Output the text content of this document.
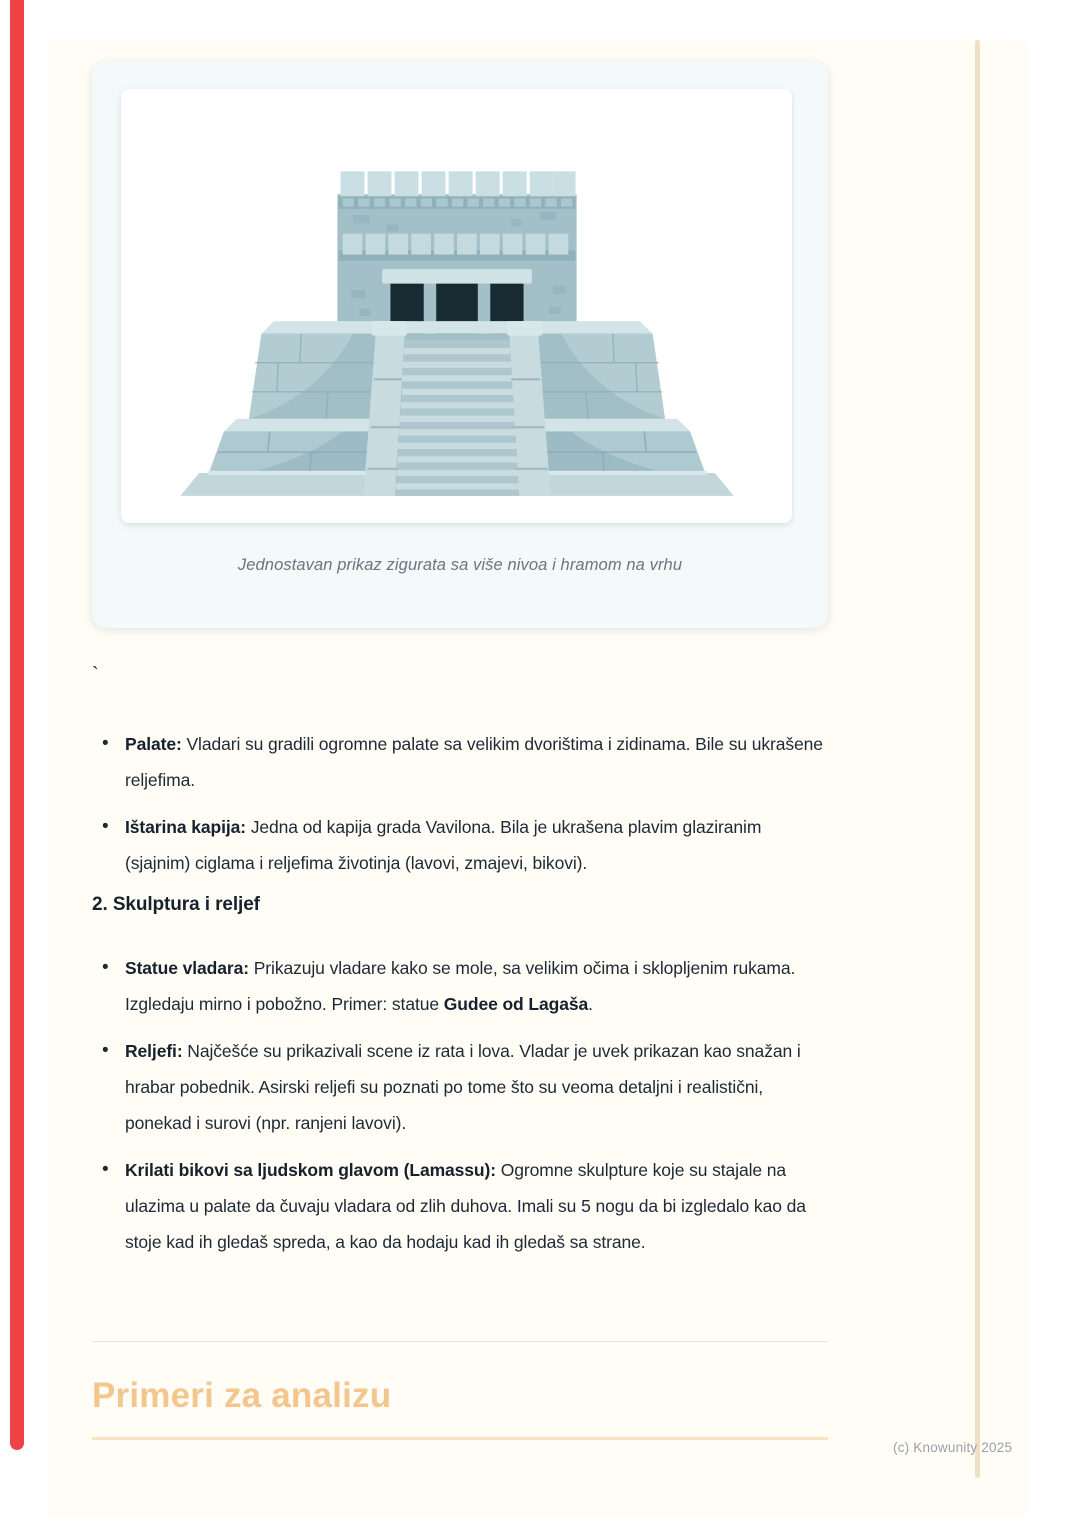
Jednostavan prikaz zigurata sa više nivoa i hramom na vrhu
`
• Palate: Vladari su gradili ogromne palate sa velikim dvorištima i zidinama. Bile su ukrašene reljefima.
• Ištarina kapija: Jedna od kapija grada Vavilona. Bila je ukrašena plavim glaziranim (sjajnim) ciglama i reljefima životinja (lavovi, zmajevi, bikovi).
2. Skulptura i reljef
• Statue vladara: Prikazuju vladare kako se mole, sa velikim očima i sklopljenim rukama. Izgledaju mirno i pobožno. Primer: statue Gudee od Lagaša.
• Reljefi: Najčešće su prikazivali scene iz rata i lova. Vladar je uvek prikazan kao snažan i hrabar pobednik. Asirski reljefi su poznati po tome što su veoma detaljni i realistični, ponekad i surovi (npr. ranjeni lavovi).
• Krilati bikovi sa ljudskom glavom (Lamassu): Ogromne skulpture koje su stajale na ulazima u palate da čuvaju vladara od zlih duhova. Imali su 5 nogu da bi izgledalo kao da stoje kad ih gledaš spreda, a kao da hodaju kad ih gledaš sa strane.
Primeri za analizu
(c) Knowunity 2025
